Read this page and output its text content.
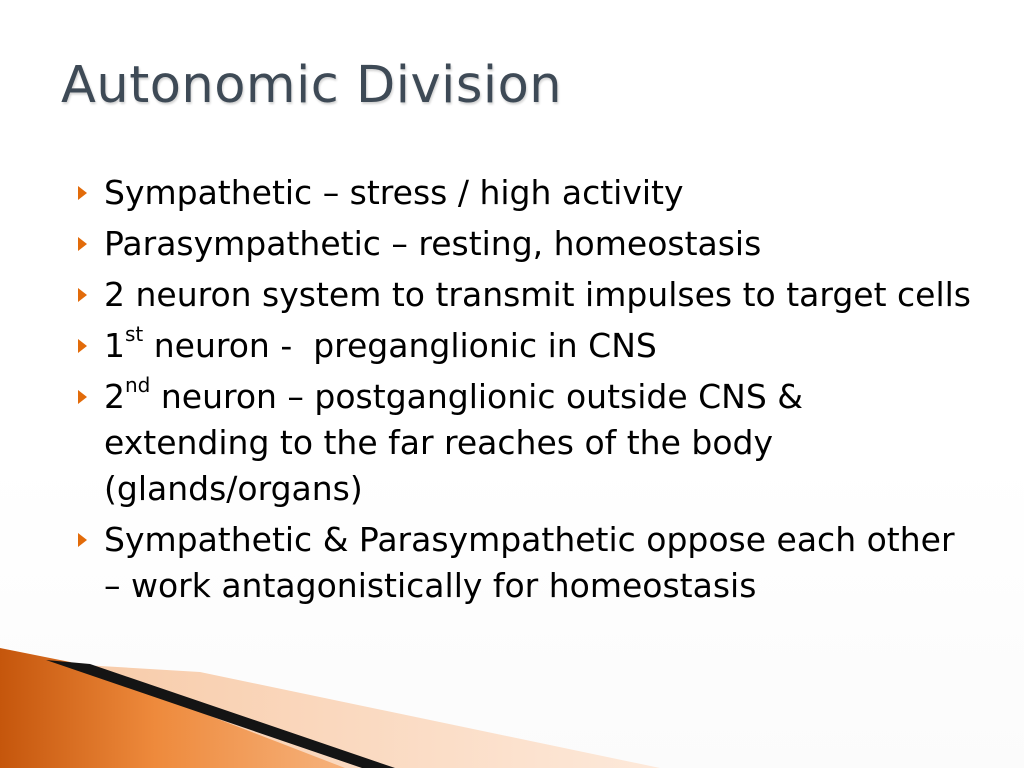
Autonomic Division
Sympathetic – stress / high activity
Parasympathetic – resting, homeostasis
2 neuron system to transmit impulses to target cells
1st neuron -  preganglionic in CNS
2nd neuron – postganglionic outside CNS & extending to the far reaches of the body (glands/organs)
Sympathetic & Parasympathetic oppose each other – work antagonistically for homeostasis
